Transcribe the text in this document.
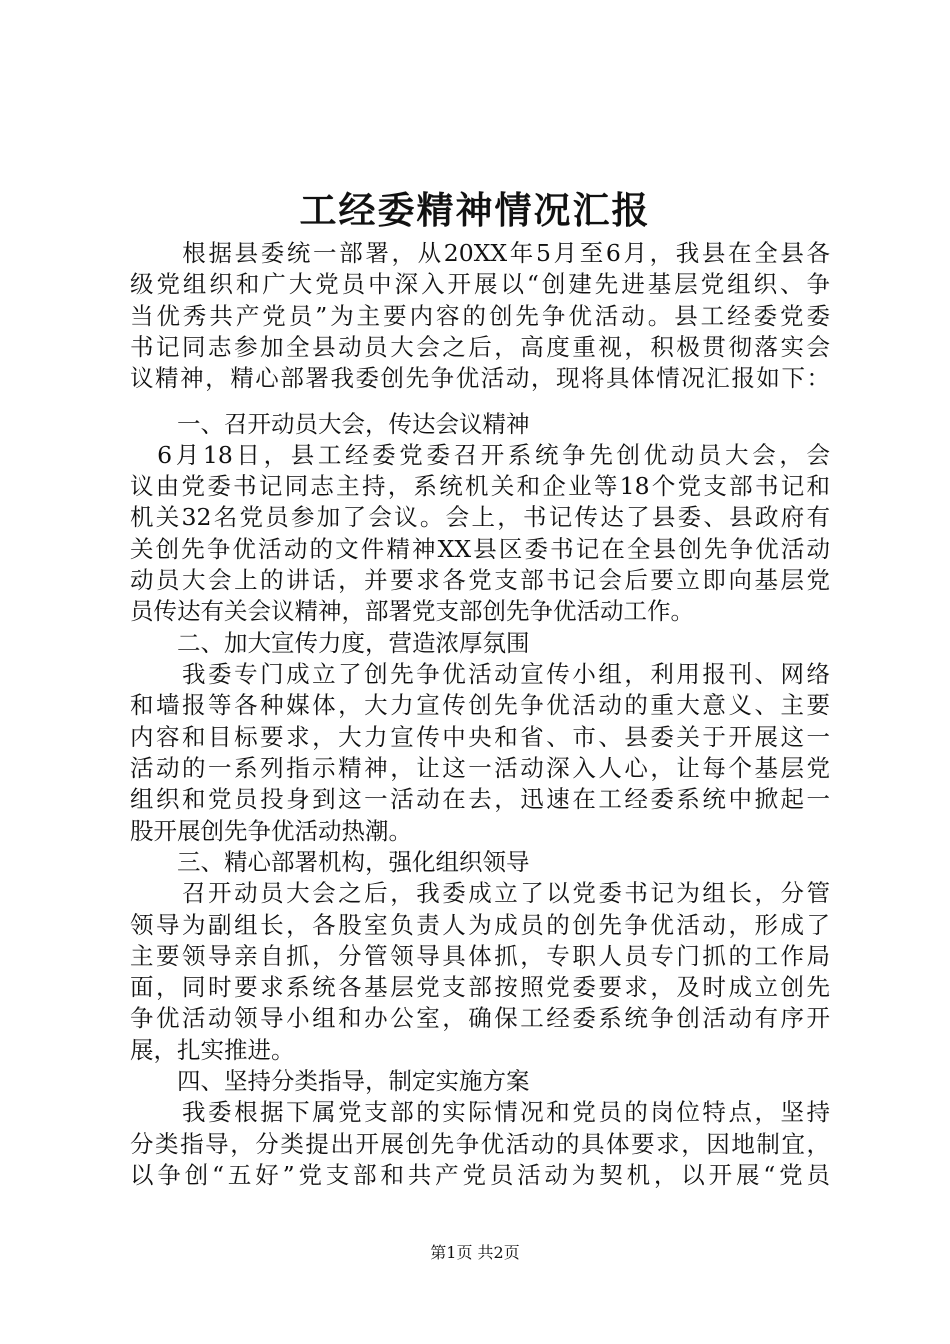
工经委精神情况汇报
　　根据县委统一部署，从20XX年5月至6月，我县在全县各
级党组织和广大党员中深入开展以“创建先进基层党组织、争
当优秀共产党员”为主要内容的创先争优活动。县工经委党委
书记同志参加全县动员大会之后，高度重视，积极贯彻落实会
议精神，精心部署我委创先争优活动，现将具体情况汇报如下：
　　一、召开动员大会，传达会议精神
　6月18日，县工经委党委召开系统争先创优动员大会，会
议由党委书记同志主持，系统机关和企业等18个党支部书记和
机关32名党员参加了会议。会上，书记传达了县委、县政府有
关创先争优活动的文件精神XX县区委书记在全县创先争优活动
动员大会上的讲话，并要求各党支部书记会后要立即向基层党
员传达有关会议精神，部署党支部创先争优活动工作。
　　二、加大宣传力度，营造浓厚氛围
　　我委专门成立了创先争优活动宣传小组，利用报刊、网络
和墙报等各种媒体，大力宣传创先争优活动的重大意义、主要
内容和目标要求，大力宣传中央和省、市、县委关于开展这一
活动的一系列指示精神，让这一活动深入人心，让每个基层党
组织和党员投身到这一活动在去，迅速在工经委系统中掀起一
股开展创先争优活动热潮。
　　三、精心部署机构，强化组织领导
　　召开动员大会之后，我委成立了以党委书记为组长，分管
领导为副组长，各股室负责人为成员的创先争优活动，形成了
主要领导亲自抓，分管领导具体抓，专职人员专门抓的工作局
面，同时要求系统各基层党支部按照党委要求，及时成立创先
争优活动领导小组和办公室，确保工经委系统争创活动有序开
展，扎实推进。
　　四、坚持分类指导，制定实施方案
　　我委根据下属党支部的实际情况和党员的岗位特点，坚持
分类指导，分类提出开展创先争优活动的具体要求，因地制宜，
第1页 共2页
以争创“五好”党支部和共产党员活动为契机，以开展“党员
